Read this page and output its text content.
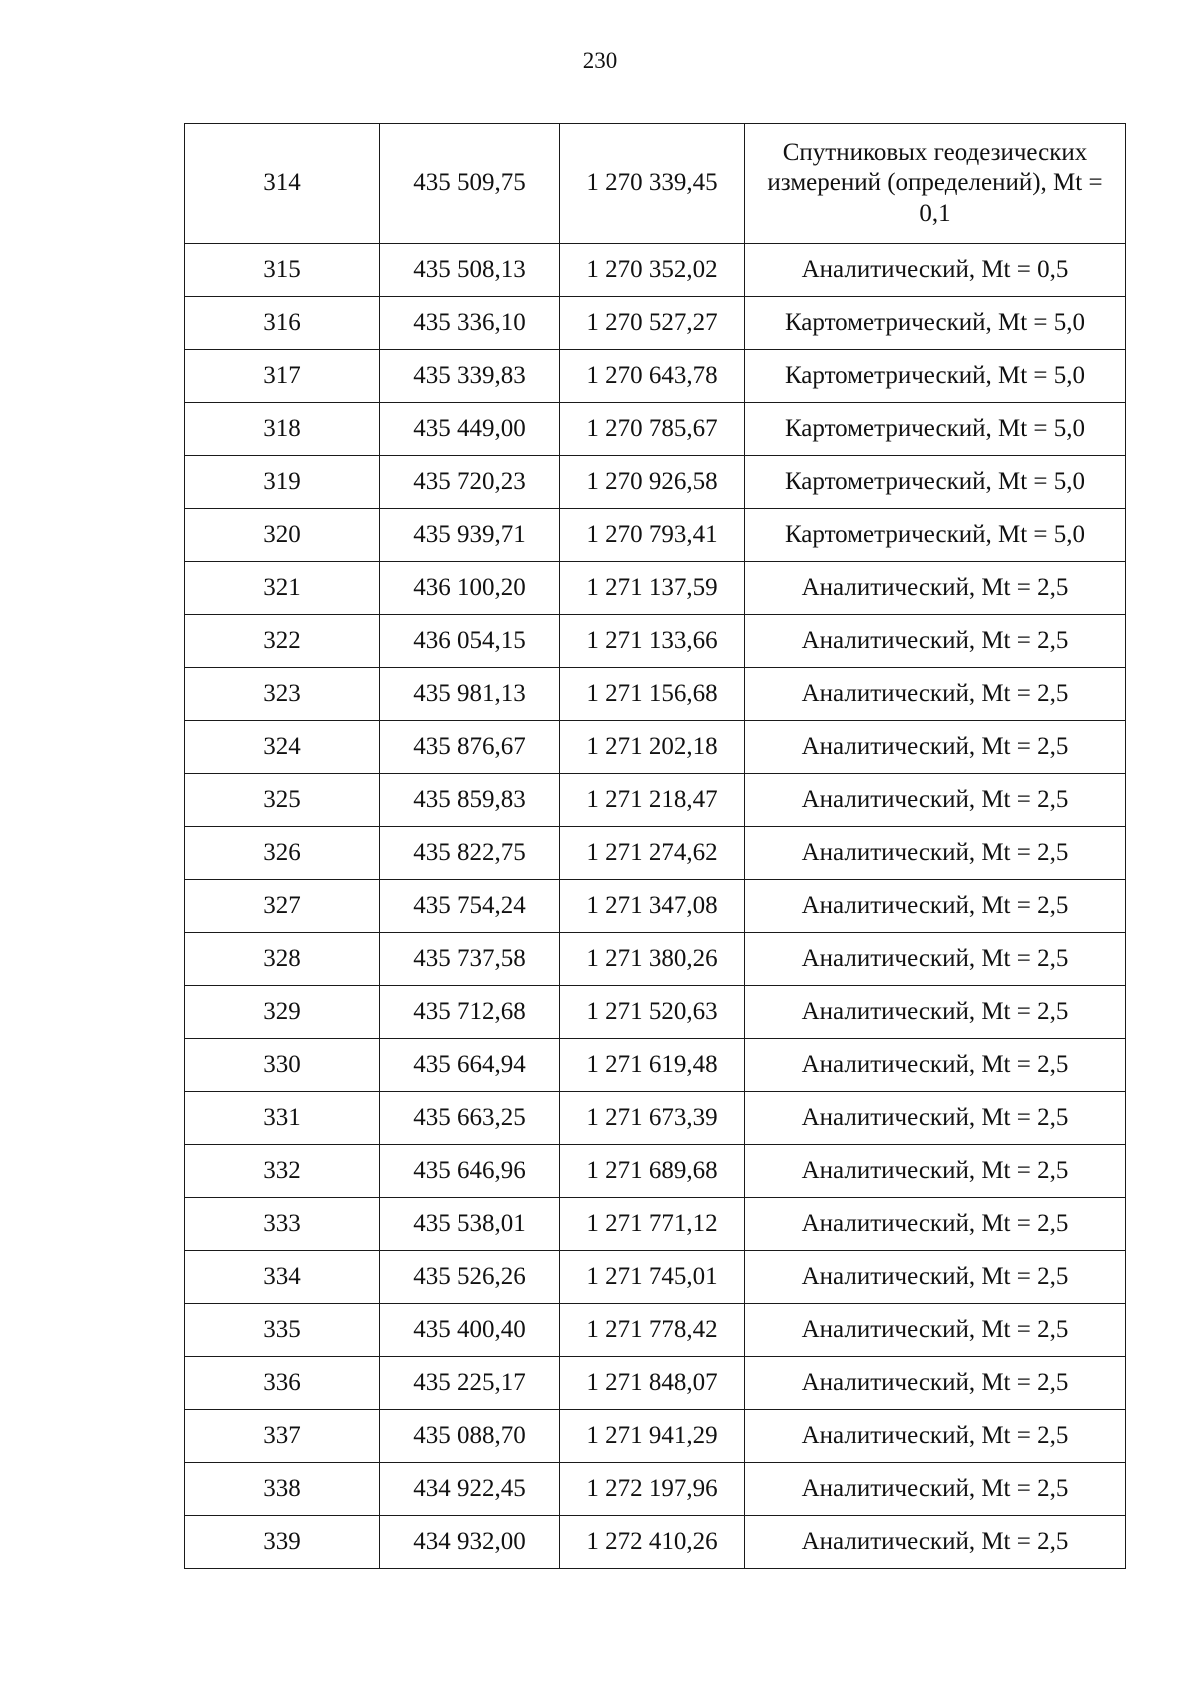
230
314	435 509,75	1 270 339,45	Спутниковых геодезических измерений (определений), Mt = 0,1
315	435 508,13	1 270 352,02	Аналитический, Mt = 0,5
316	435 336,10	1 270 527,27	Картометрический, Mt = 5,0
317	435 339,83	1 270 643,78	Картометрический, Mt = 5,0
318	435 449,00	1 270 785,67	Картометрический, Mt = 5,0
319	435 720,23	1 270 926,58	Картометрический, Mt = 5,0
320	435 939,71	1 270 793,41	Картометрический, Mt = 5,0
321	436 100,20	1 271 137,59	Аналитический, Mt = 2,5
322	436 054,15	1 271 133,66	Аналитический, Mt = 2,5
323	435 981,13	1 271 156,68	Аналитический, Mt = 2,5
324	435 876,67	1 271 202,18	Аналитический, Mt = 2,5
325	435 859,83	1 271 218,47	Аналитический, Mt = 2,5
326	435 822,75	1 271 274,62	Аналитический, Mt = 2,5
327	435 754,24	1 271 347,08	Аналитический, Mt = 2,5
328	435 737,58	1 271 380,26	Аналитический, Mt = 2,5
329	435 712,68	1 271 520,63	Аналитический, Mt = 2,5
330	435 664,94	1 271 619,48	Аналитический, Mt = 2,5
331	435 663,25	1 271 673,39	Аналитический, Mt = 2,5
332	435 646,96	1 271 689,68	Аналитический, Mt = 2,5
333	435 538,01	1 271 771,12	Аналитический, Mt = 2,5
334	435 526,26	1 271 745,01	Аналитический, Mt = 2,5
335	435 400,40	1 271 778,42	Аналитический, Mt = 2,5
336	435 225,17	1 271 848,07	Аналитический, Mt = 2,5
337	435 088,70	1 271 941,29	Аналитический, Mt = 2,5
338	434 922,45	1 272 197,96	Аналитический, Mt = 2,5
339	434 932,00	1 272 410,26	Аналитический, Mt = 2,5
